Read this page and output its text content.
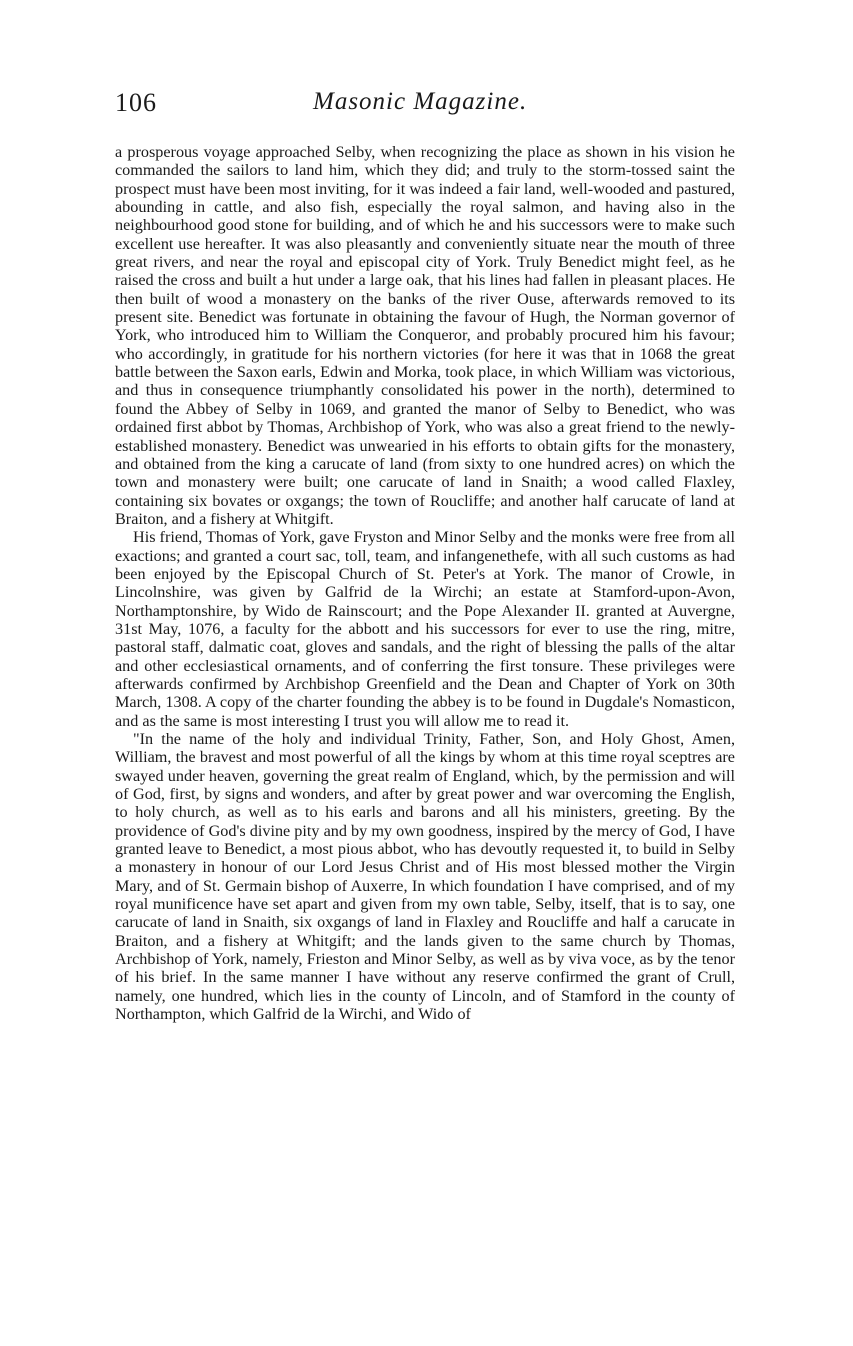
106	Masonic Magazine.

a prosperous voyage approached Selby, when recognizing the place as shown in his vision he commanded the sailors to land him, which they did; and truly to the storm-tossed saint the prospect must have been most inviting, for it was indeed a fair land, well-wooded and pastured, abounding in cattle, and also fish, especially the royal salmon, and having also in the neighbourhood good stone for building, and of which he and his successors were to make such excellent use hereafter. It was also pleasantly and conveniently situate near the mouth of three great rivers, and near the royal and episcopal city of York. Truly Benedict might feel, as he raised the cross and built a hut under a large oak, that his lines had fallen in pleasant places. He then built of wood a monastery on the banks of the river Ouse, afterwards removed to its present site. Benedict was fortunate in obtaining the favour of Hugh, the Norman governor of York, who introduced him to William the Conqueror, and probably procured him his favour; who accordingly, in gratitude for his northern victories (for here it was that in 1068 the great battle between the Saxon earls, Edwin and Morka, took place, in which William was victorious, and thus in consequence triumphantly consolidated his power in the north), determined to found the Abbey of Selby in 1069, and granted the manor of Selby to Benedict, who was ordained first abbot by Thomas, Archbishop of York, who was also a great friend to the newly-established monastery. Benedict was unwearied in his efforts to obtain gifts for the monastery, and obtained from the king a carucate of land (from sixty to one hundred acres) on which the town and monastery were built; one carucate of land in Snaith; a wood called Flaxley, containing six bovates or oxgangs; the town of Roucliffe; and another half carucate of land at Braiton, and a fishery at Whitgift.

His friend, Thomas of York, gave Fryston and Minor Selby and the monks were free from all exactions; and granted a court sac, toll, team, and infangenethefe, with all such customs as had been enjoyed by the Episcopal Church of St. Peter's at York. The manor of Crowle, in Lincolnshire, was given by Galfrid de la Wirchi; an estate at Stamford-upon-Avon, Northamptonshire, by Wido de Rainscourt; and the Pope Alexander II. granted at Auvergne, 31st May, 1076, a faculty for the abbott and his successors for ever to use the ring, mitre, pastoral staff, dalmatic coat, gloves and sandals, and the right of blessing the palls of the altar and other ecclesiastical ornaments, and of conferring the first tonsure. These privileges were afterwards confirmed by Archbishop Greenfield and the Dean and Chapter of York on 30th March, 1308. A copy of the charter founding the abbey is to be found in Dugdale's Nomasticon, and as the same is most interesting I trust you will allow me to read it.

"In the name of the holy and individual Trinity, Father, Son, and Holy Ghost, Amen, William, the bravest and most powerful of all the kings by whom at this time royal sceptres are swayed under heaven, governing the great realm of England, which, by the permission and will of God, first, by signs and wonders, and after by great power and war overcoming the English, to holy church, as well as to his earls and barons and all his ministers, greeting. By the providence of God's divine pity and by my own goodness, inspired by the mercy of God, I have granted leave to Benedict, a most pious abbot, who has devoutly requested it, to build in Selby a monastery in honour of our Lord Jesus Christ and of His most blessed mother the Virgin Mary, and of St. Germain bishop of Auxerre, In which foundation I have comprised, and of my royal munificence have set apart and given from my own table, Selby, itself, that is to say, one carucate of land in Snaith, six oxgangs of land in Flaxley and Roucliffe and half a carucate in Braiton, and a fishery at Whitgift; and the lands given to the same church by Thomas, Archbishop of York, namely, Frieston and Minor Selby, as well as by viva voce, as by the tenor of his brief. In the same manner I have without any reserve confirmed the grant of Crull, namely, one hundred, which lies in the county of Lincoln, and of Stamford in the county of Northampton, which Galfrid de la Wirchi, and Wido of
